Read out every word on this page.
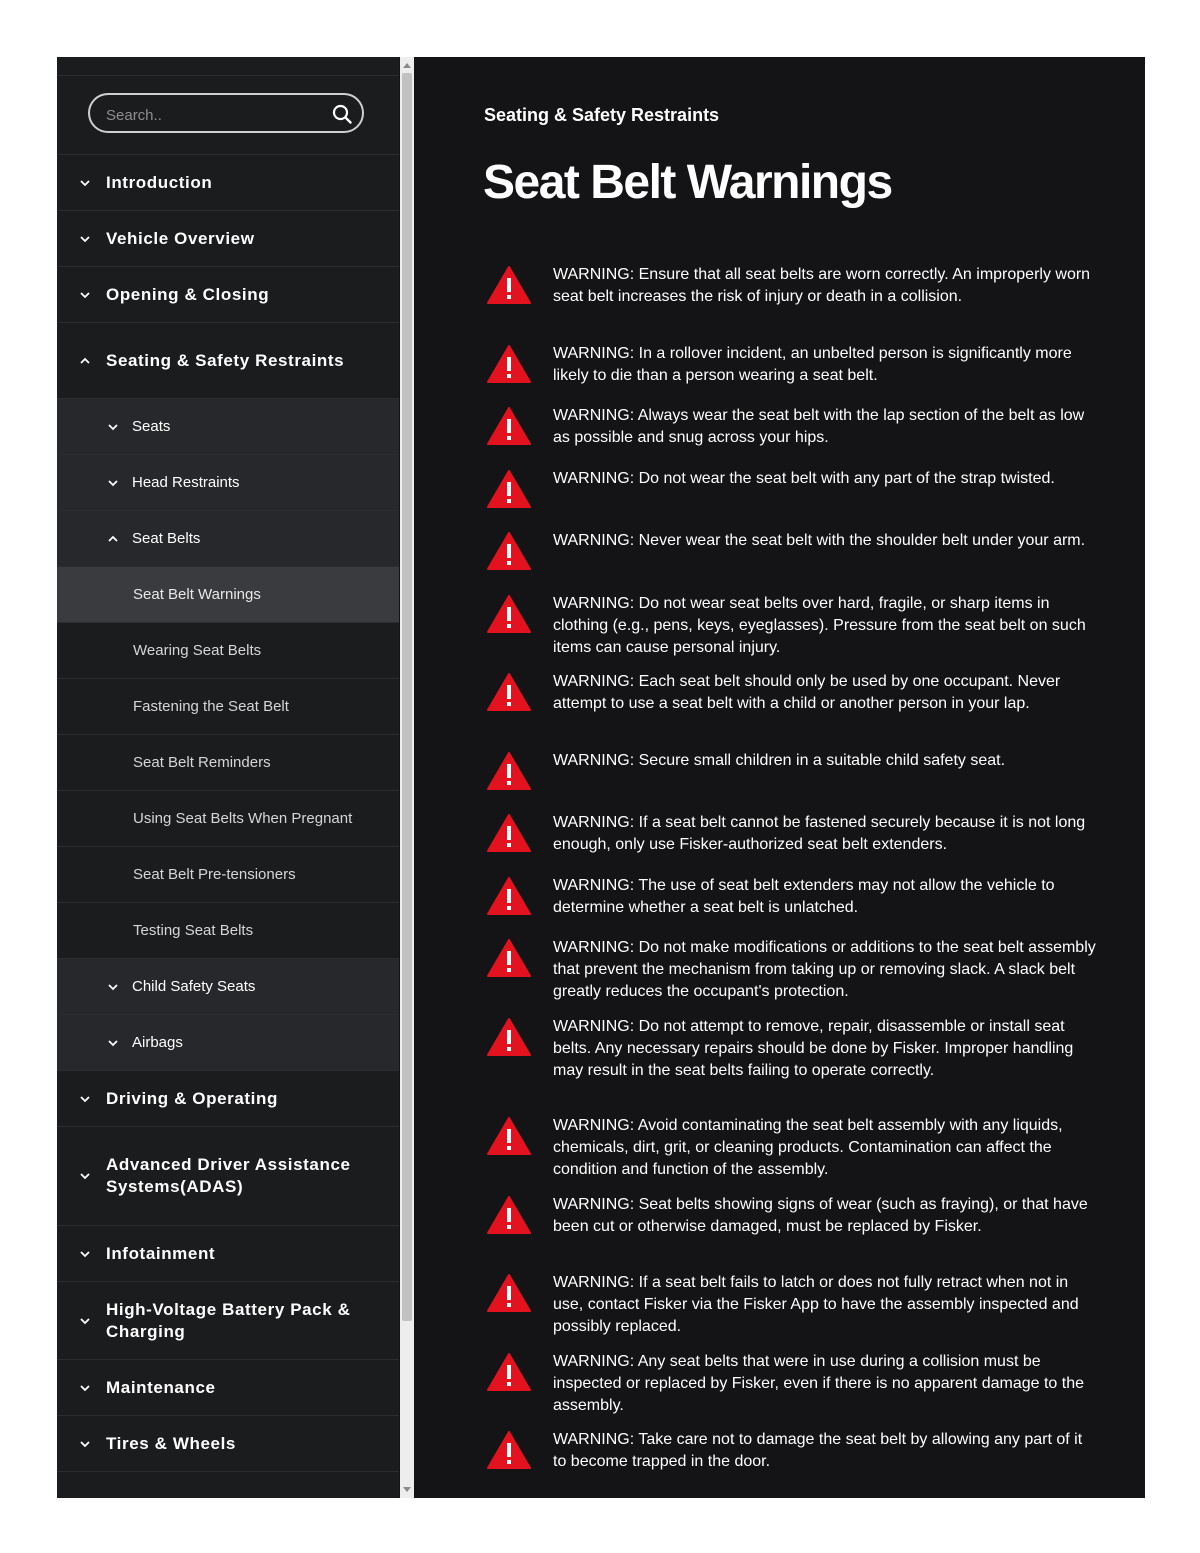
Search..
Introduction
Vehicle Overview
Opening & Closing
Seating & Safety Restraints
Seats
Head Restraints
Seat Belts
Seat Belt Warnings
Wearing Seat Belts
Fastening the Seat Belt
Seat Belt Reminders
Using Seat Belts When Pregnant
Seat Belt Pre-tensioners
Testing Seat Belts
Child Safety Seats
Airbags
Driving & Operating
Advanced Driver Assistance Systems(ADAS)
Infotainment
High-Voltage Battery Pack & Charging
Maintenance
Tires & Wheels
Seating & Safety Restraints
Seat Belt Warnings

WARNING: Ensure that all seat belts are worn correctly. An improperly worn seat belt increases the risk of injury or death in a collision.

WARNING: In a rollover incident, an unbelted person is significantly more likely to die than a person wearing a seat belt.

WARNING: Always wear the seat belt with the lap section of the belt as low as possible and snug across your hips.

WARNING: Do not wear the seat belt with any part of the strap twisted.

WARNING: Never wear the seat belt with the shoulder belt under your arm.

WARNING: Do not wear seat belts over hard, fragile, or sharp items in clothing (e.g., pens, keys, eyeglasses). Pressure from the seat belt on such items can cause personal injury.

WARNING: Each seat belt should only be used by one occupant. Never attempt to use a seat belt with a child or another person in your lap.

WARNING: Secure small children in a suitable child safety seat.

WARNING: If a seat belt cannot be fastened securely because it is not long enough, only use Fisker-authorized seat belt extenders.

WARNING: The use of seat belt extenders may not allow the vehicle to determine whether a seat belt is unlatched.

WARNING: Do not make modifications or additions to the seat belt assembly that prevent the mechanism from taking up or removing slack. A slack belt greatly reduces the occupant's protection.

WARNING: Do not attempt to remove, repair, disassemble or install seat belts. Any necessary repairs should be done by Fisker. Improper handling may result in the seat belts failing to operate correctly.

WARNING: Avoid contaminating the seat belt assembly with any liquids, chemicals, dirt, grit, or cleaning products. Contamination can affect the condition and function of the assembly.

WARNING: Seat belts showing signs of wear (such as fraying), or that have been cut or otherwise damaged, must be replaced by Fisker.

WARNING: If a seat belt fails to latch or does not fully retract when not in use, contact Fisker via the Fisker App to have the assembly inspected and possibly replaced.

WARNING: Any seat belts that were in use during a collision must be inspected or replaced by Fisker, even if there is no apparent damage to the assembly.

WARNING: Take care not to damage the seat belt by allowing any part of it to become trapped in the door.
